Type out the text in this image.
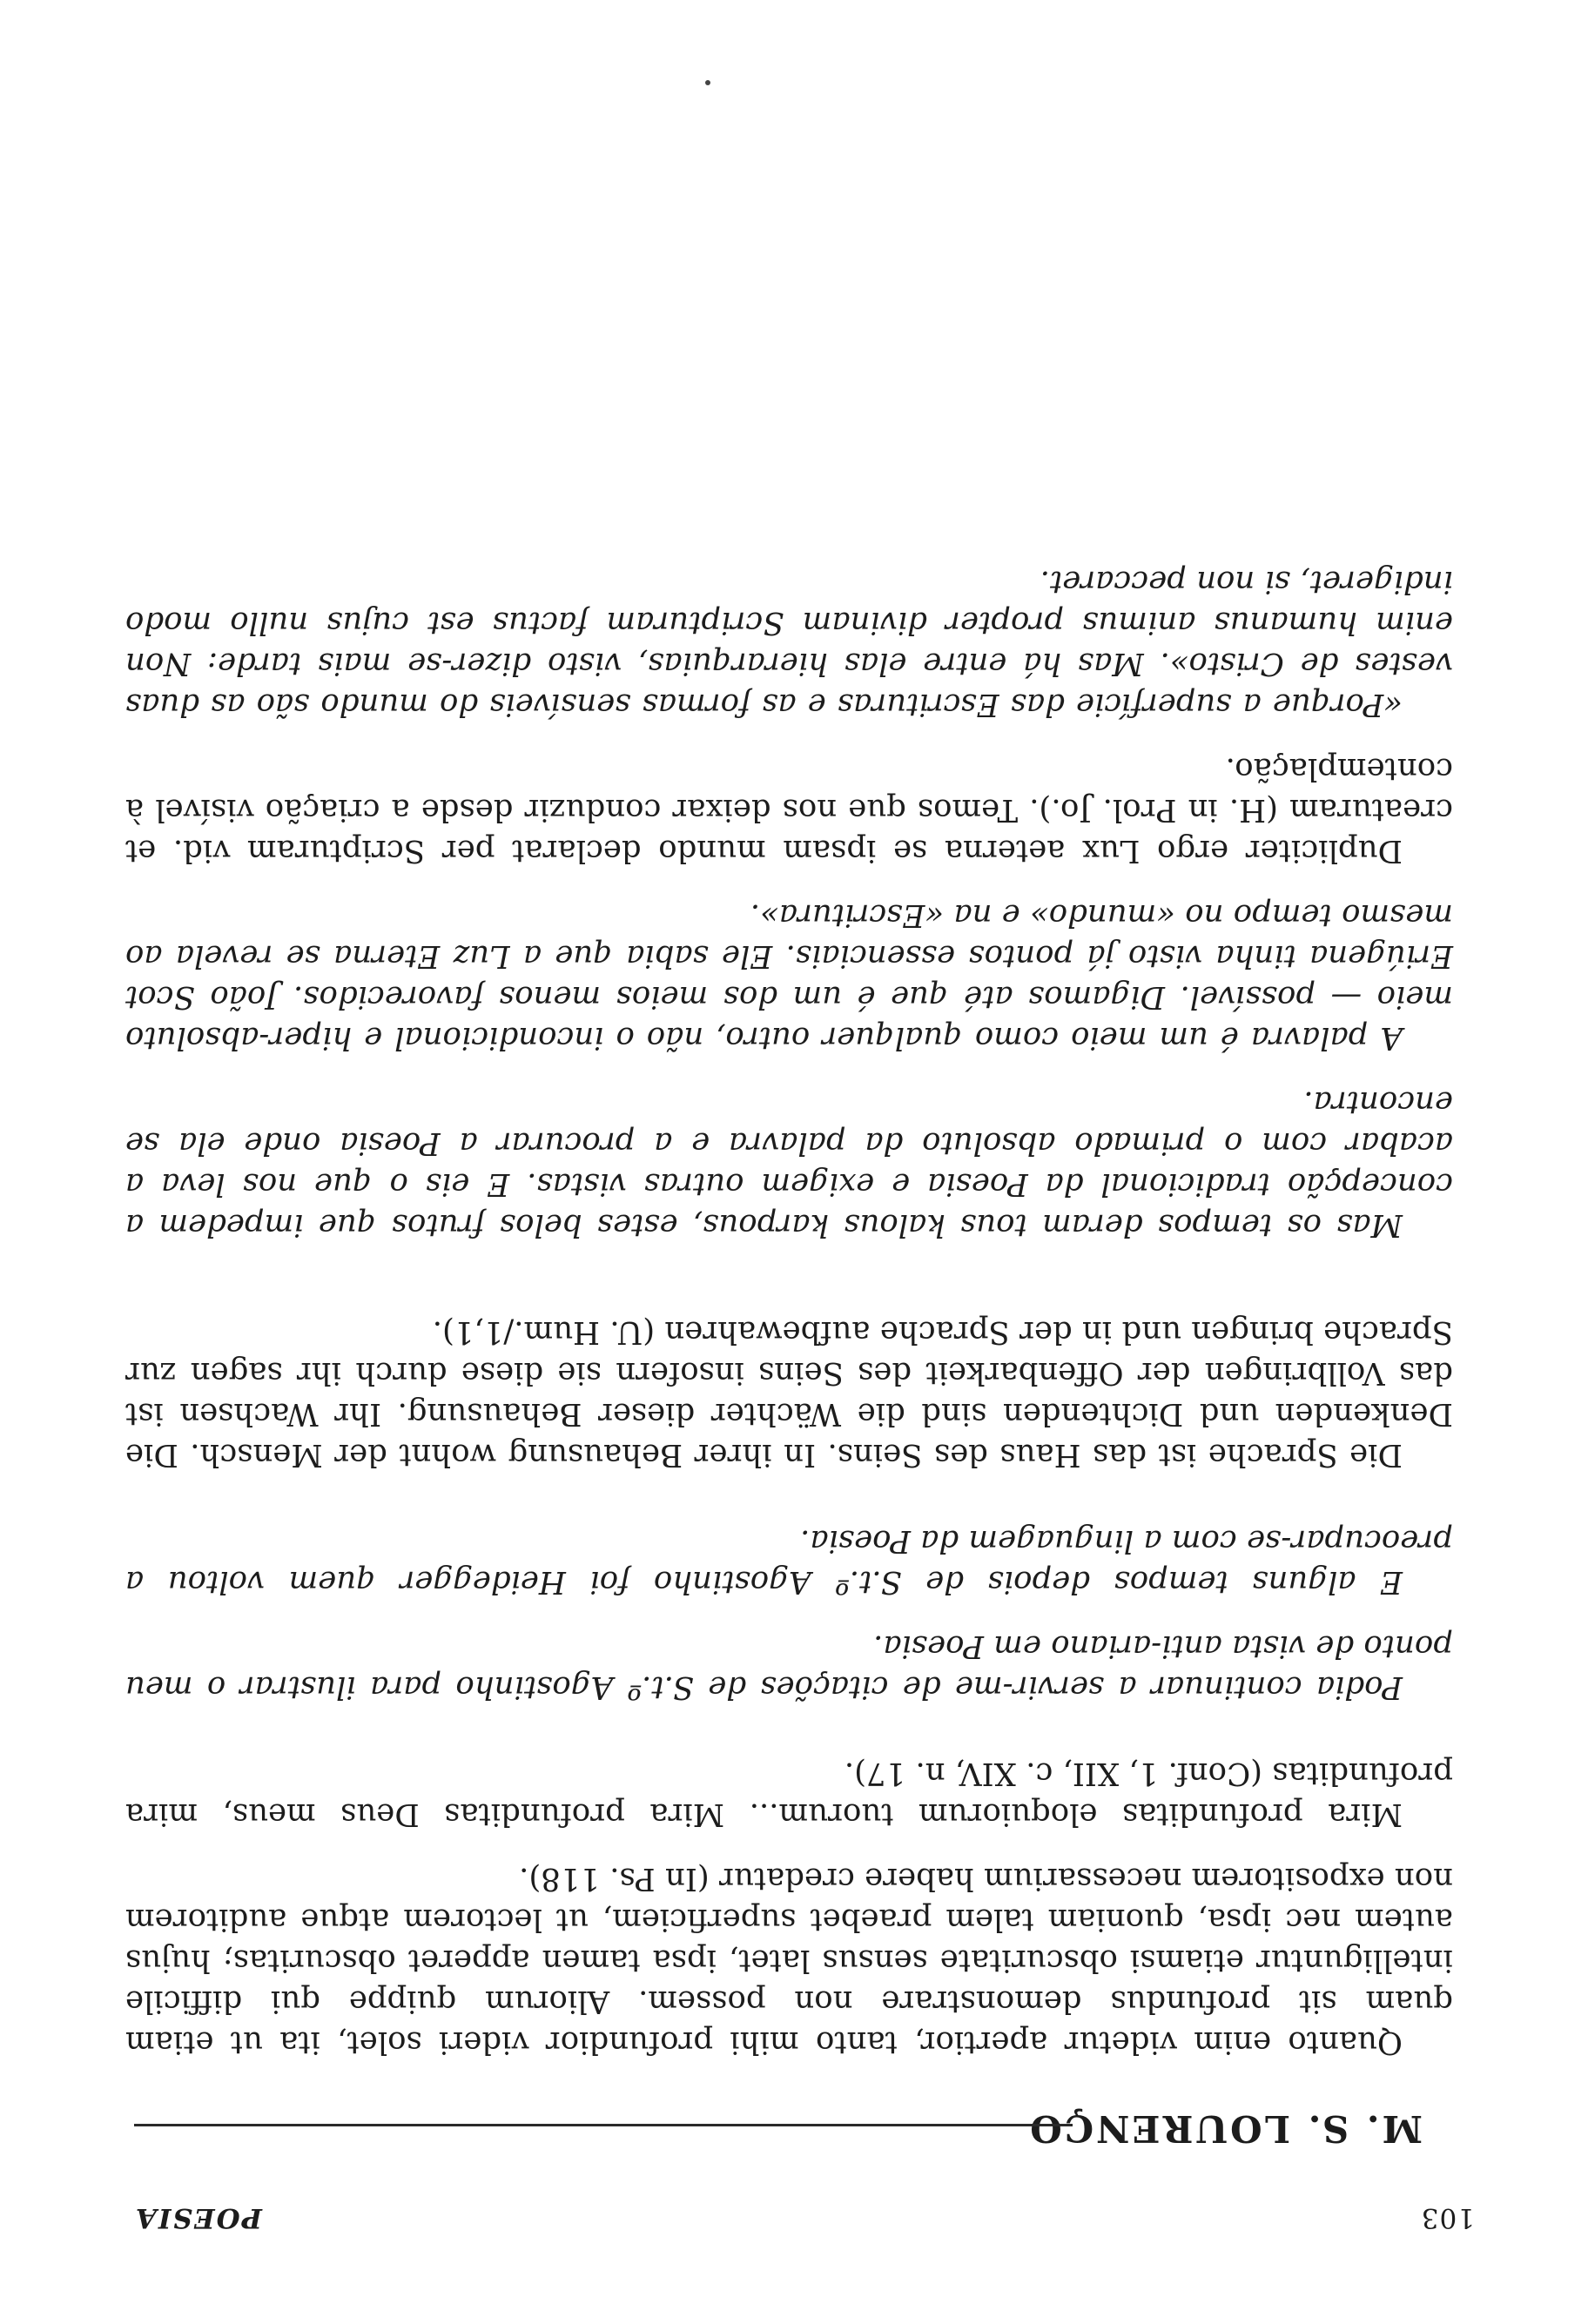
103
POESIA
M. S. LOURENÇO

Quanto enim videtur apertior, tanto mihi profundior videri solet, ita ut etiam quam sit profundus demonstrare non possem. Aliorum quippe qui difficile intelliguntur etiamsi obscuritate sensus latet, ipsa tamen apperet obscuritas; hujus autem nec ipsa, quoniam talem praebet superficiem, ut lectorem atque auditorem non expositorem necessarium habere credatur (In Ps. 118).

Mira profunditas eloquiorum tuorum... Mira profunditas Deus meus, mira profunditas (Conf. 1, XII, c. XIV, n. 17).

Podia continuar a servir-me de citações de S.t.º Agostinho para ilustrar o meu ponto de vista anti-ariano em Poesia.

E alguns tempos depois de S.t.º Agostinho foi Heidegger quem voltou a preocupar-se com a linguagem da Poesia.

Die Sprache ist das Haus des Seins. In ihrer Behausung wohnt der Mensch. Die Denkenden und Dichtenden sind die Wächter dieser Behausung. Ihr Wachsen ist das Vollbringen der Offenbarkeit des Seins insofern sie diese durch ihr sagen zur Sprache bringen und in der Sprache aufbewahren (U. Hum./1,1).

Mas os tempos deram tous kalous karpous, estes belos frutos que impedem a concepção tradicional da Poesia e exigem outras vistas. E eis o que nos leva a acabar com o primado absoluto da palavra e a procurar a Poesia onde ela se encontra.

A palavra é um meio como qualquer outro, não o incondicional e hiper-absoluto meio — possível. Digamos até que é um dos meios menos favorecidos. João Scot Eriúgena tinha visto já pontos essenciais. Ele sabia que a Luz Eterna se revela ao mesmo tempo no «mundo» e na «Escritura».

Dupliciter ergo Lux aeterna se ipsam mundo declarat per Scripturam vid. et creaturam (H. in Prol. Jo.). Temos que nos deixar conduzir desde a criação visível à contemplação.

«Porque a superfície das Escrituras e as formas sensíveis do mundo são as duas vestes de Cristo». Mas há entre elas hierarquias, visto dizer-se mais tarde: Non enim humanus animus propter divinam Scripturam factus est cujus nullo modo indigeret, si non peccaret.
